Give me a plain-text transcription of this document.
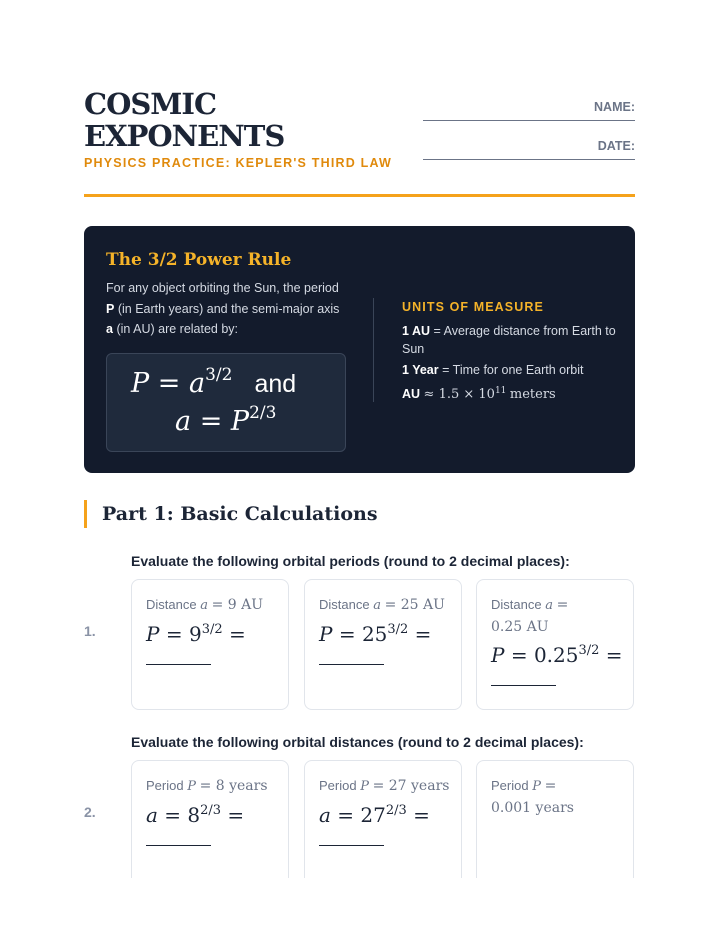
COSMIC
EXPONENTS
PHYSICS PRACTICE: KEPLER'S THIRD LAW
NAME:
DATE:
The 3/2 Power Rule
For any object orbiting the Sun, the period P (in Earth years) and the semi-major axis a (in AU) are related by:
$P = a^{3/2}$ and
$a = P^{2/3}$
UNITS OF MEASURE
1 AU = Average distance from Earth to Sun
1 Year = Time for one Earth orbit
AU ≈ $1.5 \times 10^{11}$ meters
Part 1: Basic Calculations
Evaluate the following orbital periods (round to 2 decimal places):
1.
Distance a = 9 AU
$P = 9^{3/2}$ =
Distance a = 25 AU
$P = 25^{3/2}$ =
Distance a = 0.25 AU
$P = 0.25^{3/2}$ =
Evaluate the following orbital distances (round to 2 decimal places):
2.
Period P = 8 years
$a = 8^{2/3}$ =
Period P = 27 years
$a = 27^{2/3}$ =
Period P = 0.001 years
